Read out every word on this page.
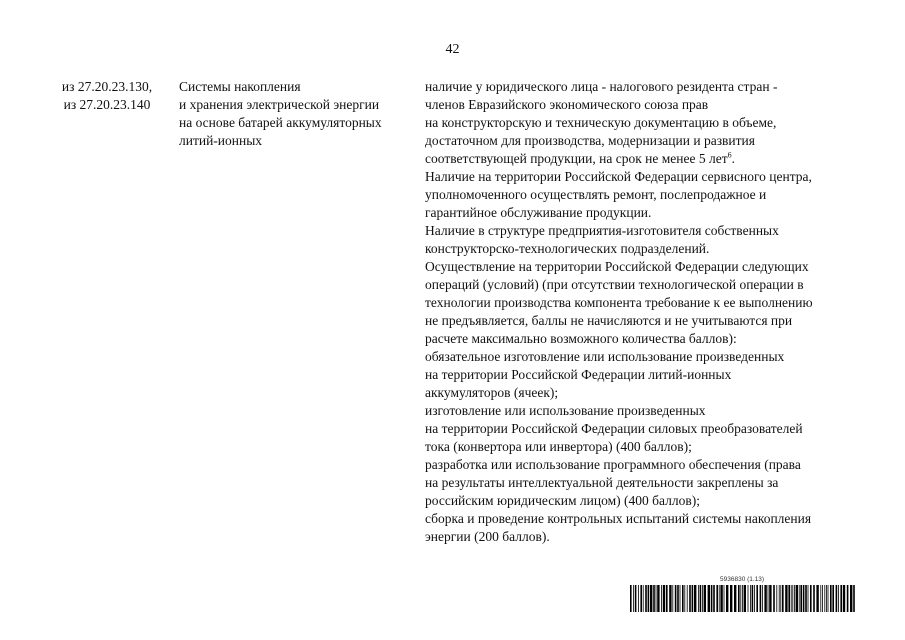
42
из 27.20.23.130,
из 27.20.23.140
Системы накопления
и хранения электрической энергии
на основе батарей аккумуляторных
литий-ионных
наличие у юридического лица - налогового резидента стран -
членов Евразийского экономического союза прав
на конструкторскую и техническую документацию в объеме,
достаточном для производства, модернизации и развития
соответствующей продукции, на срок не менее 5 лет$^6$.
Наличие на территории Российской Федерации сервисного центра,
уполномоченного осуществлять ремонт, послепродажное и
гарантийное обслуживание продукции.
Наличие в структуре предприятия-изготовителя собственных
конструкторско-технологических подразделений.
Осуществление на территории Российской Федерации следующих
операций (условий) (при отсутствии технологической операции в
технологии производства компонента требование к ее выполнению
не предъявляется, баллы не начисляются и не учитываются при
расчете максимально возможного количества баллов):
обязательное изготовление или использование произведенных
на территории Российской Федерации литий-ионных
аккумуляторов (ячеек);
изготовление или использование произведенных
на территории Российской Федерации силовых преобразователей
тока (конвертора или инвертора) (400 баллов);
разработка или использование программного обеспечения (права
на результаты интеллектуальной деятельности закреплены за
российским юридическим лицом) (400 баллов);
сборка и проведение контрольных испытаний системы накопления
энергии (200 баллов).
5936830 (1.13)
